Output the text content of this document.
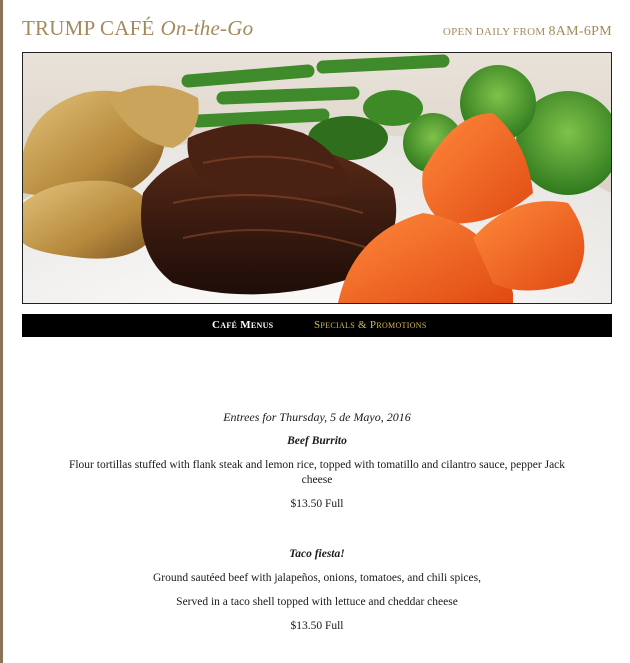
TRUMP CAFÉ On-the-Go	OPEN DAILY FROM 8AM-6PM
Café Menus	Specials & Promotions

Entrees for Thursday, 5 de Mayo, 2016

Beef Burrito

Flour tortillas stuffed with flank steak and lemon rice, topped with tomatillo and cilantro sauce, pepper Jack cheese

$13.50 Full

Taco fiesta!

Ground sautéed beef with jalapeños, onions, tomatoes, and chili spices,

Served in a taco shell topped with lettuce and cheddar cheese

$13.50 Full
